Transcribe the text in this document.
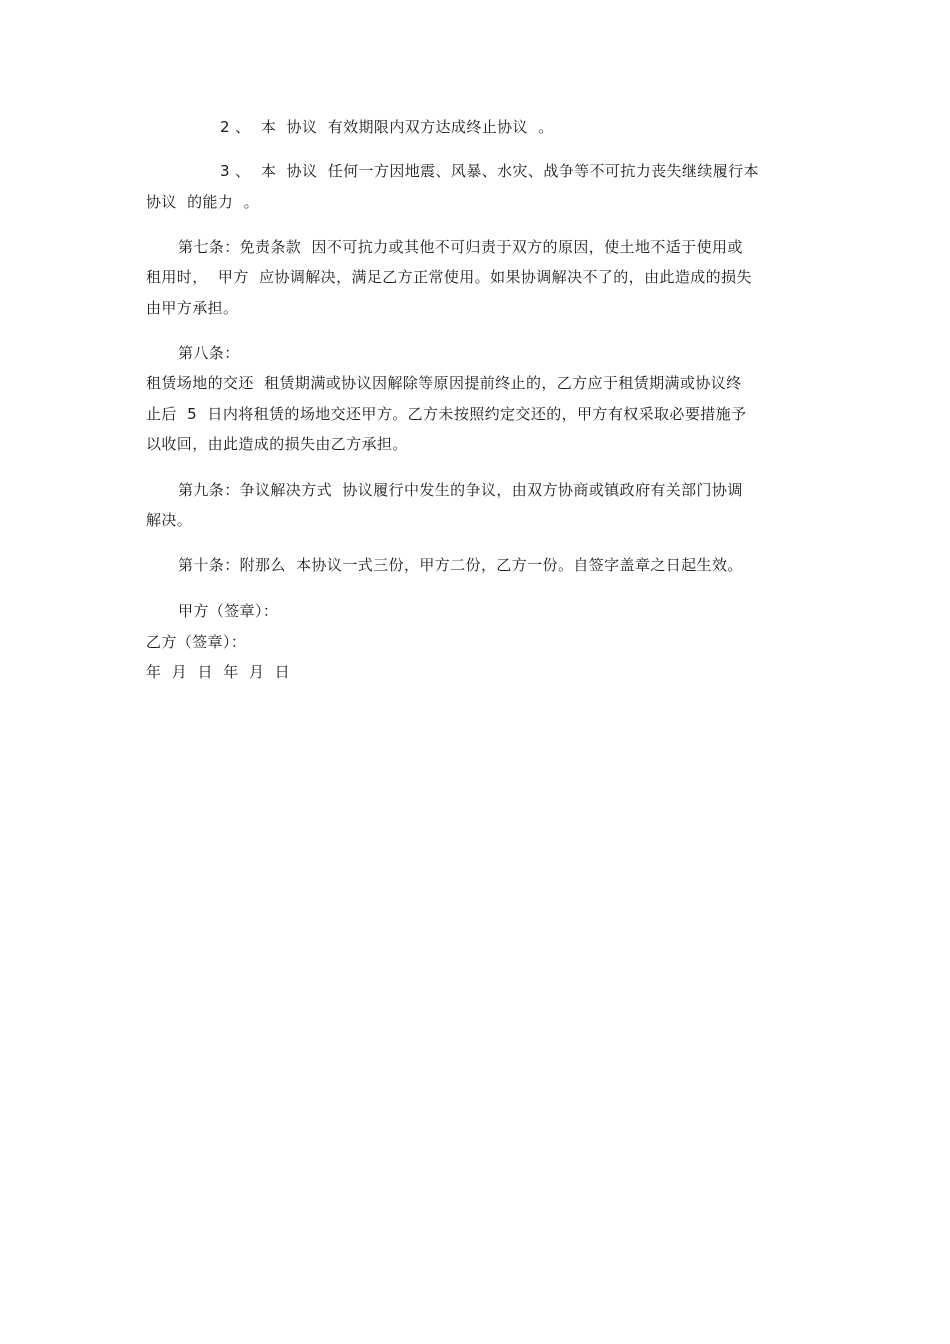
2 、  本  协议  有效期限内双方达成终止协议  。
3 、  本  协议  任何一方因地震、风暴、水灾、战争等不可抗力丧失继续履行本
协议  的能力  。
第七条：免责条款  因不可抗力或其他不可归责于双方的原因，使土地不适于使用或
租用时，  甲方  应协调解决，满足乙方正常使用。如果协调解决不了的，由此造成的损失
由甲方承担。
第八条：
租赁场地的交还  租赁期满或协议因解除等原因提前终止的，乙方应于租赁期满或协议终
止后  5  日内将租赁的场地交还甲方。乙方未按照约定交还的，甲方有权采取必要措施予
以收回，由此造成的损失由乙方承担。
第九条：争议解决方式  协议履行中发生的争议，由双方协商或镇政府有关部门协调
解决。
第十条：附那么  本协议一式三份，甲方二份，乙方一份。自签字盖章之日起生效。
甲方（签章）：
乙方（签章）：
年  月  日  年  月  日
